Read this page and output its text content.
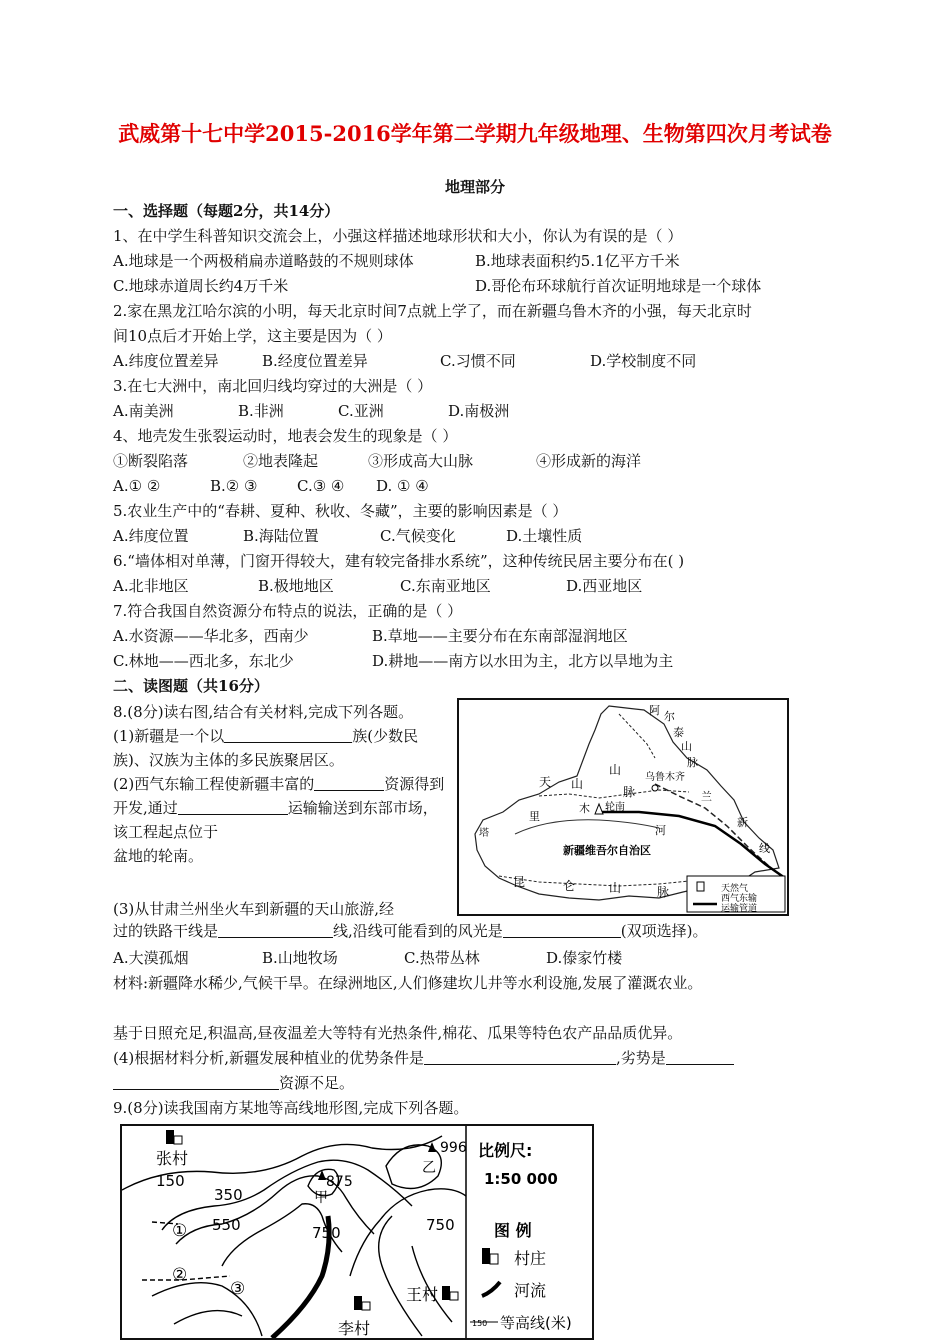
武威第十七中学2015-2016学年第二学期九年级地理、生物第四次月考试卷
地理部分
一、选择题（每题2分，共14分）
1、在中学生科普知识交流会上，小强这样描述地球形状和大小，你认为有误的是（ ）
A.地球是一个两极稍扁赤道略鼓的不规则球体	B.地球表面积约5.1亿平方千米
C.地球赤道周长约4万千米	D.哥伦布环球航行首次证明地球是一个球体
2.家在黑龙江哈尔滨的小明，每天北京时间7点就上学了，而在新疆乌鲁木齐的小强，每天北京时
间10点后才开始上学，这主要是因为（ ）
A.纬度位置差异	B.经度位置差异	C.习惯不同	D.学校制度不同
3.在七大洲中，南北回归线均穿过的大洲是（ ）
A.南美洲	B.非洲	C.亚洲	D.南极洲
4、地壳发生张裂运动时，地表会发生的现象是（ ）
①断裂陷落	②地表隆起	③形成高大山脉	④形成新的海洋
A.① ②	B.② ③	C.③ ④ D. ① ④
5.农业生产中的“春耕、夏种、秋收、冬藏”，主要的影响因素是（ ）
A.纬度位置	B.海陆位置	C.气候变化	D.土壤性质
6.“墙体相对单薄，门窗开得较大，建有较完备排水系统”，这种传统民居主要分布在( )
A.北非地区	B.极地地区	C.东南亚地区	D.西亚地区
7.符合我国自然资源分布特点的说法，正确的是（ ）
A.水资源——华北多，西南少	B.草地——主要分布在东南部湿润地区
C.林地——西北多，东北少	D.耕地——南方以水田为主，北方以旱地为主
二、读图题（共16分）
8.(8分)读右图,结合有关材料,完成下列各题。
(1)新疆是一个以	族(少数民族)、汉族为主体的多民族聚居区。
(2)西气东输工程使新疆丰富的	资源得到开发,通过	运输输送到东部市场，该工程起点位于
盆地的轮南。
(3)从甘肃兰州坐火车到新疆的天山旅游,经
过的铁路干线是	线,沿线可能看到的风光是	(双项选择)。
A.大漠孤烟	B.山地牧场	C.热带丛林	D.傣家竹楼
材料:新疆降水稀少,气候干旱。在绿洲地区,人们修建坎儿井等水利设施,发展了灌溉农业。
基于日照充足,积温高,昼夜温差大等特有光热条件,棉花、瓜果等特色农产品品质优异。
(4)根据材料分析,新疆发展种植业的优势条件是	,劣势是
资源不足。
9.(8分)读我国南方某地等高线地形图,完成下列各题。
阿 尔
泰
山
脉
天 山
山
脉
乌鲁木齐
兰
新
线
轮南
塔
里
木
河
新疆维吾尔自治区
昆	仑	山	脉	天然气
西气东输
运输管道
张村
150
350
550	750	750
875
甲
996
乙
①
②
③	王村
李村
比例尺:
1:50 000
图 例
村庄
河流
150 等高线(米)
